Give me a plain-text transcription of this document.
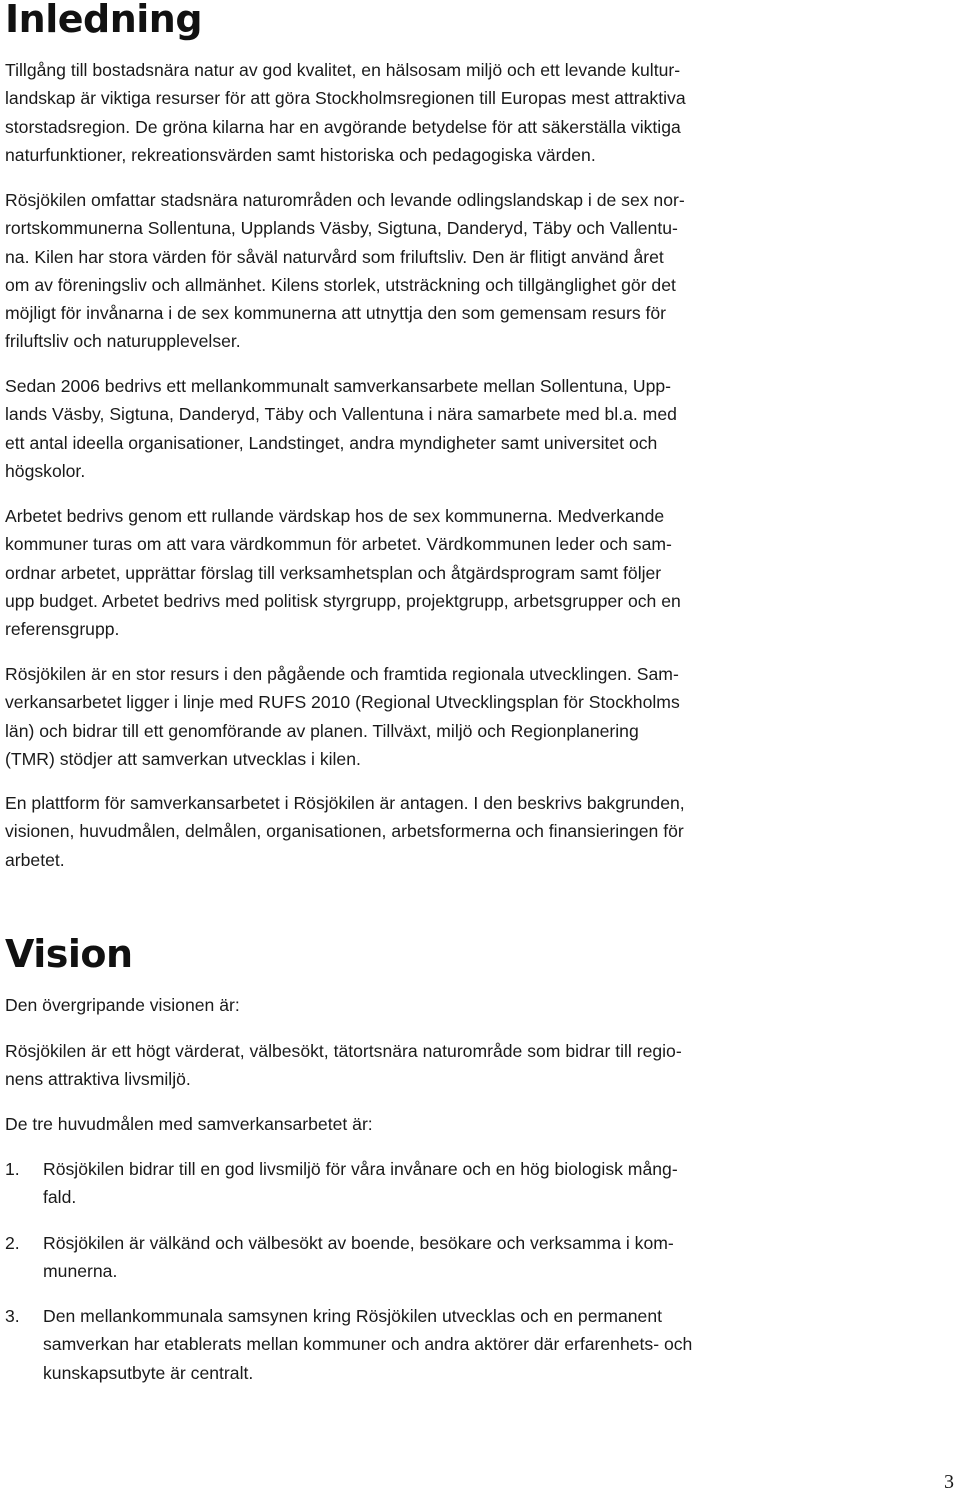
Inledning

Tillgång till bostadsnära natur av god kvalitet, en hälsosam miljö och ett levande kultur-
landskap är viktiga resurser för att göra Stockholmsregionen till Europas mest attraktiva
storstadsregion. De gröna kilarna har en avgörande betydelse för att säkerställa viktiga
naturfunktioner, rekreationsvärden samt historiska och pedagogiska värden.

Rösjökilen omfattar stadsnära naturområden och levande odlingslandskap i de sex nor-
rortskommunerna Sollentuna, Upplands Väsby, Sigtuna, Danderyd, Täby och Vallentu-
na. Kilen har stora värden för såväl naturvård som friluftsliv. Den är flitigt använd året
om av föreningsliv och allmänhet. Kilens storlek, utsträckning och tillgänglighet gör det
möjligt för invånarna i de sex kommunerna att utnyttja den som gemensam resurs för
friluftsliv och naturupplevelser.

Sedan 2006 bedrivs ett mellankommunalt samverkansarbete mellan Sollentuna, Upp-
lands Väsby, Sigtuna, Danderyd, Täby och Vallentuna i nära samarbete med bl.a. med
ett antal ideella organisationer, Landstinget, andra myndigheter samt universitet och
högskolor.

Arbetet bedrivs genom ett rullande värdskap hos de sex kommunerna. Medverkande
kommuner turas om att vara värdkommun för arbetet. Värdkommunen leder och sam-
ordnar arbetet, upprättar förslag till verksamhetsplan och åtgärdsprogram samt följer
upp budget. Arbetet bedrivs med politisk styrgrupp, projektgrupp, arbetsgrupper och en
referensgrupp.

Rösjökilen är en stor resurs i den pågående och framtida regionala utvecklingen. Sam-
verkansarbetet ligger i linje med RUFS 2010 (Regional Utvecklingsplan för Stockholms
län) och bidrar till ett genomförande av planen. Tillväxt, miljö och Regionplanering
(TMR) stödjer att samverkan utvecklas i kilen.

En plattform för samverkansarbetet i Rösjökilen är antagen. I den beskrivs bakgrunden,
visionen, huvudmålen, delmålen, organisationen, arbetsformerna och finansieringen för
arbetet.

Vision

Den övergripande visionen är:

Rösjökilen är ett högt värderat, välbesökt, tätortsnära naturområde som bidrar till regio-
nens attraktiva livsmiljö.

De tre huvudmålen med samverkansarbetet är:

1. Rösjökilen bidrar till en god livsmiljö för våra invånare och en hög biologisk mång-
fald.
2. Rösjökilen är välkänd och välbesökt av boende, besökare och verksamma i kom-
munerna.
3. Den mellankommunala samsynen kring Rösjökilen utvecklas och en permanent
samverkan har etablerats mellan kommuner och andra aktörer där erfarenhets- och
kunskapsutbyte är centralt.
3
